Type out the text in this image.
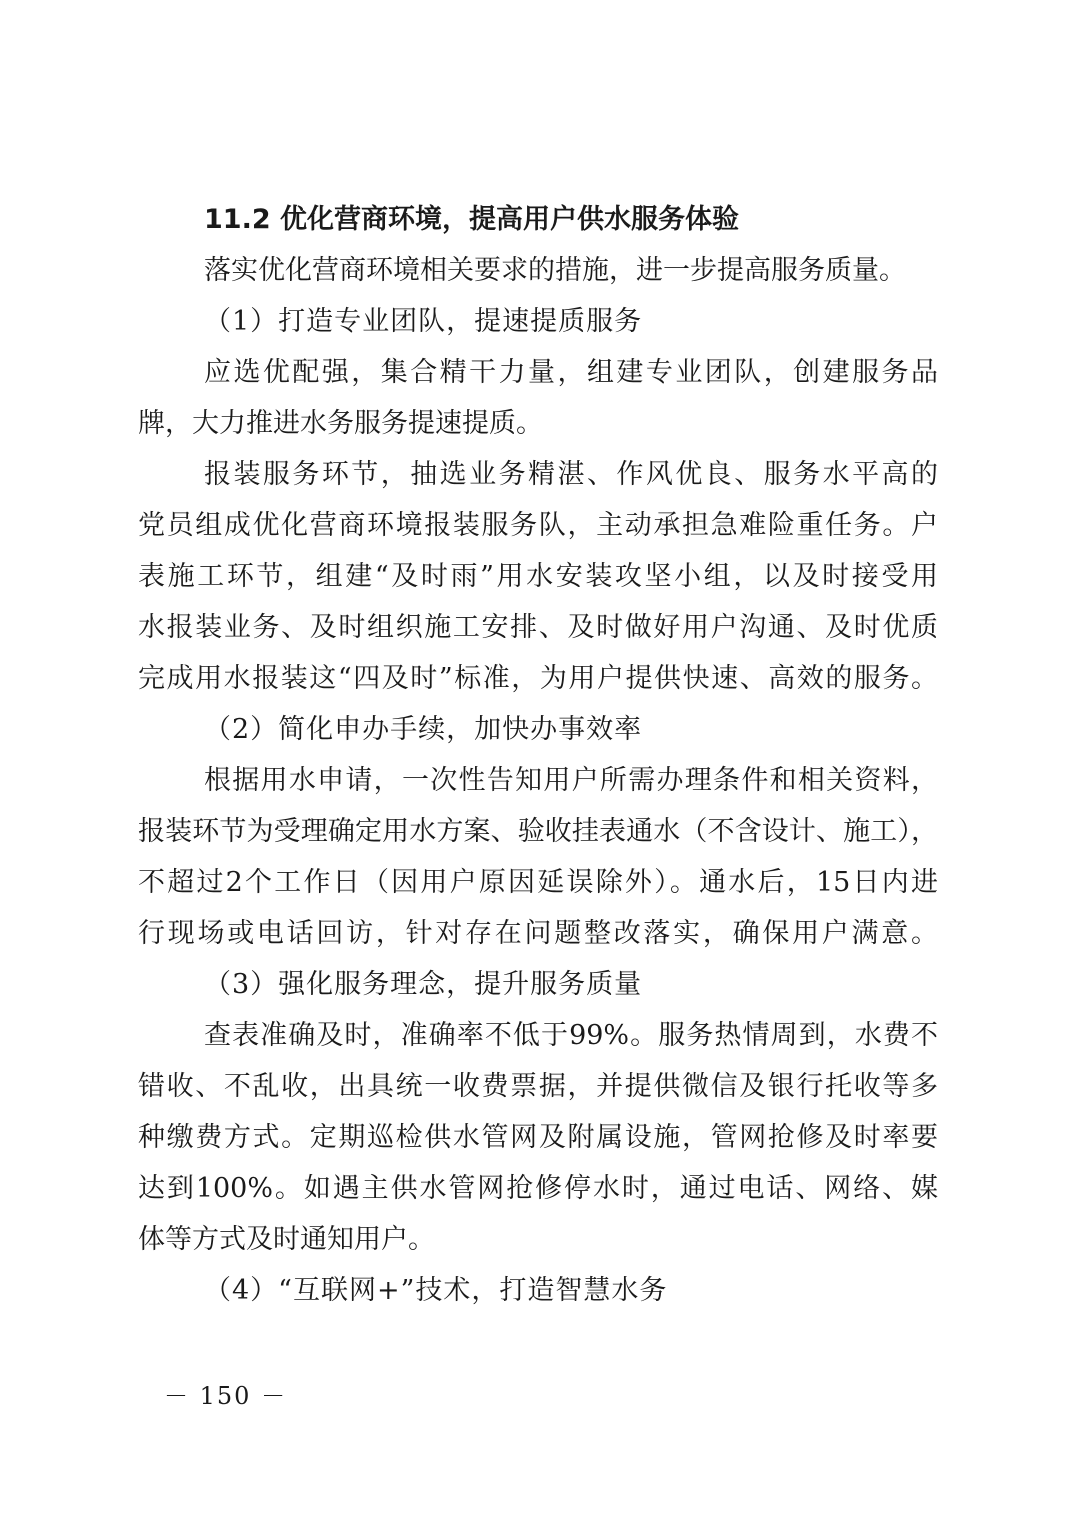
11.2 优化营商环境，提高用户供水服务体验
落实优化营商环境相关要求的措施，进一步提高服务质量。
（1）打造专业团队，提速提质服务
应选优配强，集合精干力量，组建专业团队，创建服务品
牌，大力推进水务服务提速提质。
报装服务环节，抽选业务精湛、作风优良、服务水平高的
党员组成优化营商环境报装服务队，主动承担急难险重任务。户
表施工环节，组建“及时雨”用水安装攻坚小组，以及时接受用
水报装业务、及时组织施工安排、及时做好用户沟通、及时优质
完成用水报装这“四及时”标准，为用户提供快速、高效的服务。
（2）简化申办手续，加快办事效率
根据用水申请，一次性告知用户所需办理条件和相关资料，
报装环节为受理确定用水方案、验收挂表通水（不含设计、施工），
不超过2个工作日（因用户原因延误除外）。通水后，15日内进
行现场或电话回访，针对存在问题整改落实，确保用户满意。
（3）强化服务理念，提升服务质量
查表准确及时，准确率不低于99%。服务热情周到，水费不
错收、不乱收，出具统一收费票据，并提供微信及银行托收等多
种缴费方式。定期巡检供水管网及附属设施，管网抢修及时率要
达到100%。如遇主供水管网抢修停水时，通过电话、网络、媒
体等方式及时通知用户。
（4）“互联网+”技术，打造智慧水务
－ 150 －
